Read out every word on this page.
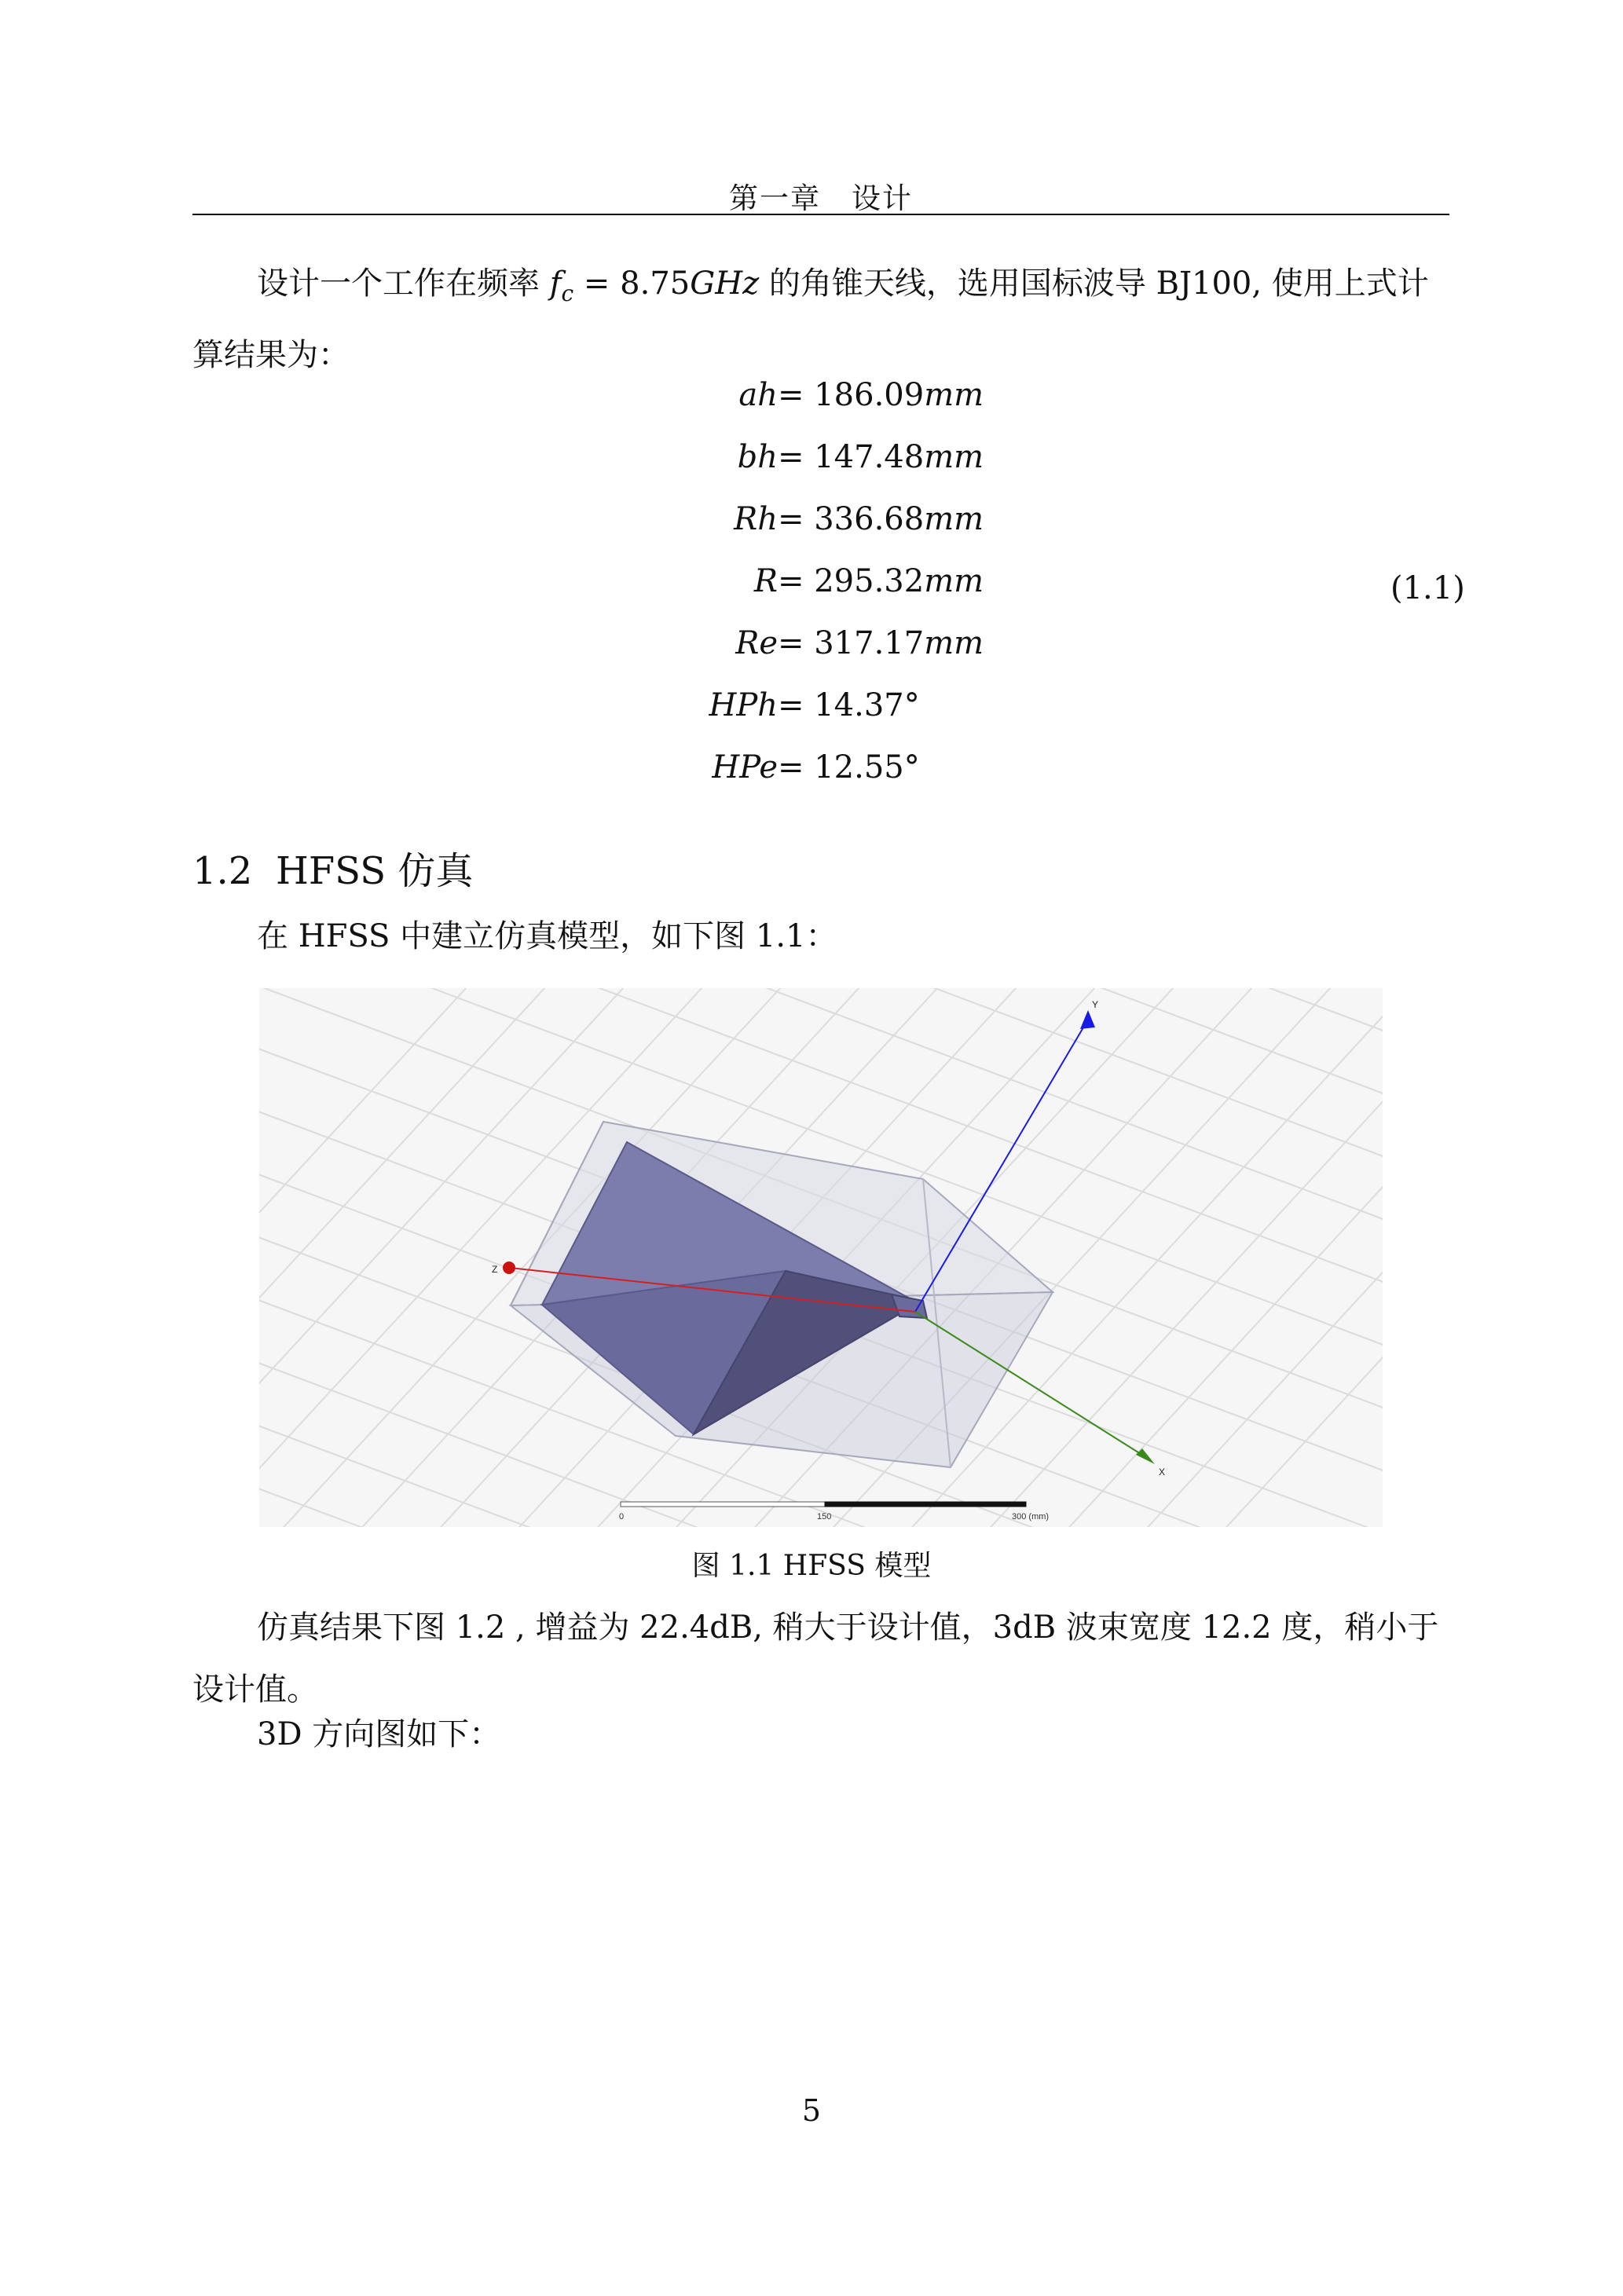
第一章　设计
设计一个工作在频率 $f_c = 8.75GHz$ 的角锥天线，选用国标波导 BJ100, 使用上式计算结果为：
ah = 186.09mm
bh = 147.48mm
Rh = 336.68mm
R = 295.32mm
Re = 317.17mm
HPh = 14.37°
HPe = 12.55°
(1.1)
1.2 HFSS 仿真
在 HFSS 中建立仿真模型，如下图 1.1：
Y
Z
X
0	150	300 (mm)
图 1.1 HFSS 模型
仿真结果下图 1.2 , 增益为 22.4dB, 稍大于设计值，3dB 波束宽度 12.2 度，稍小于设计值。
3D 方向图如下：
5
